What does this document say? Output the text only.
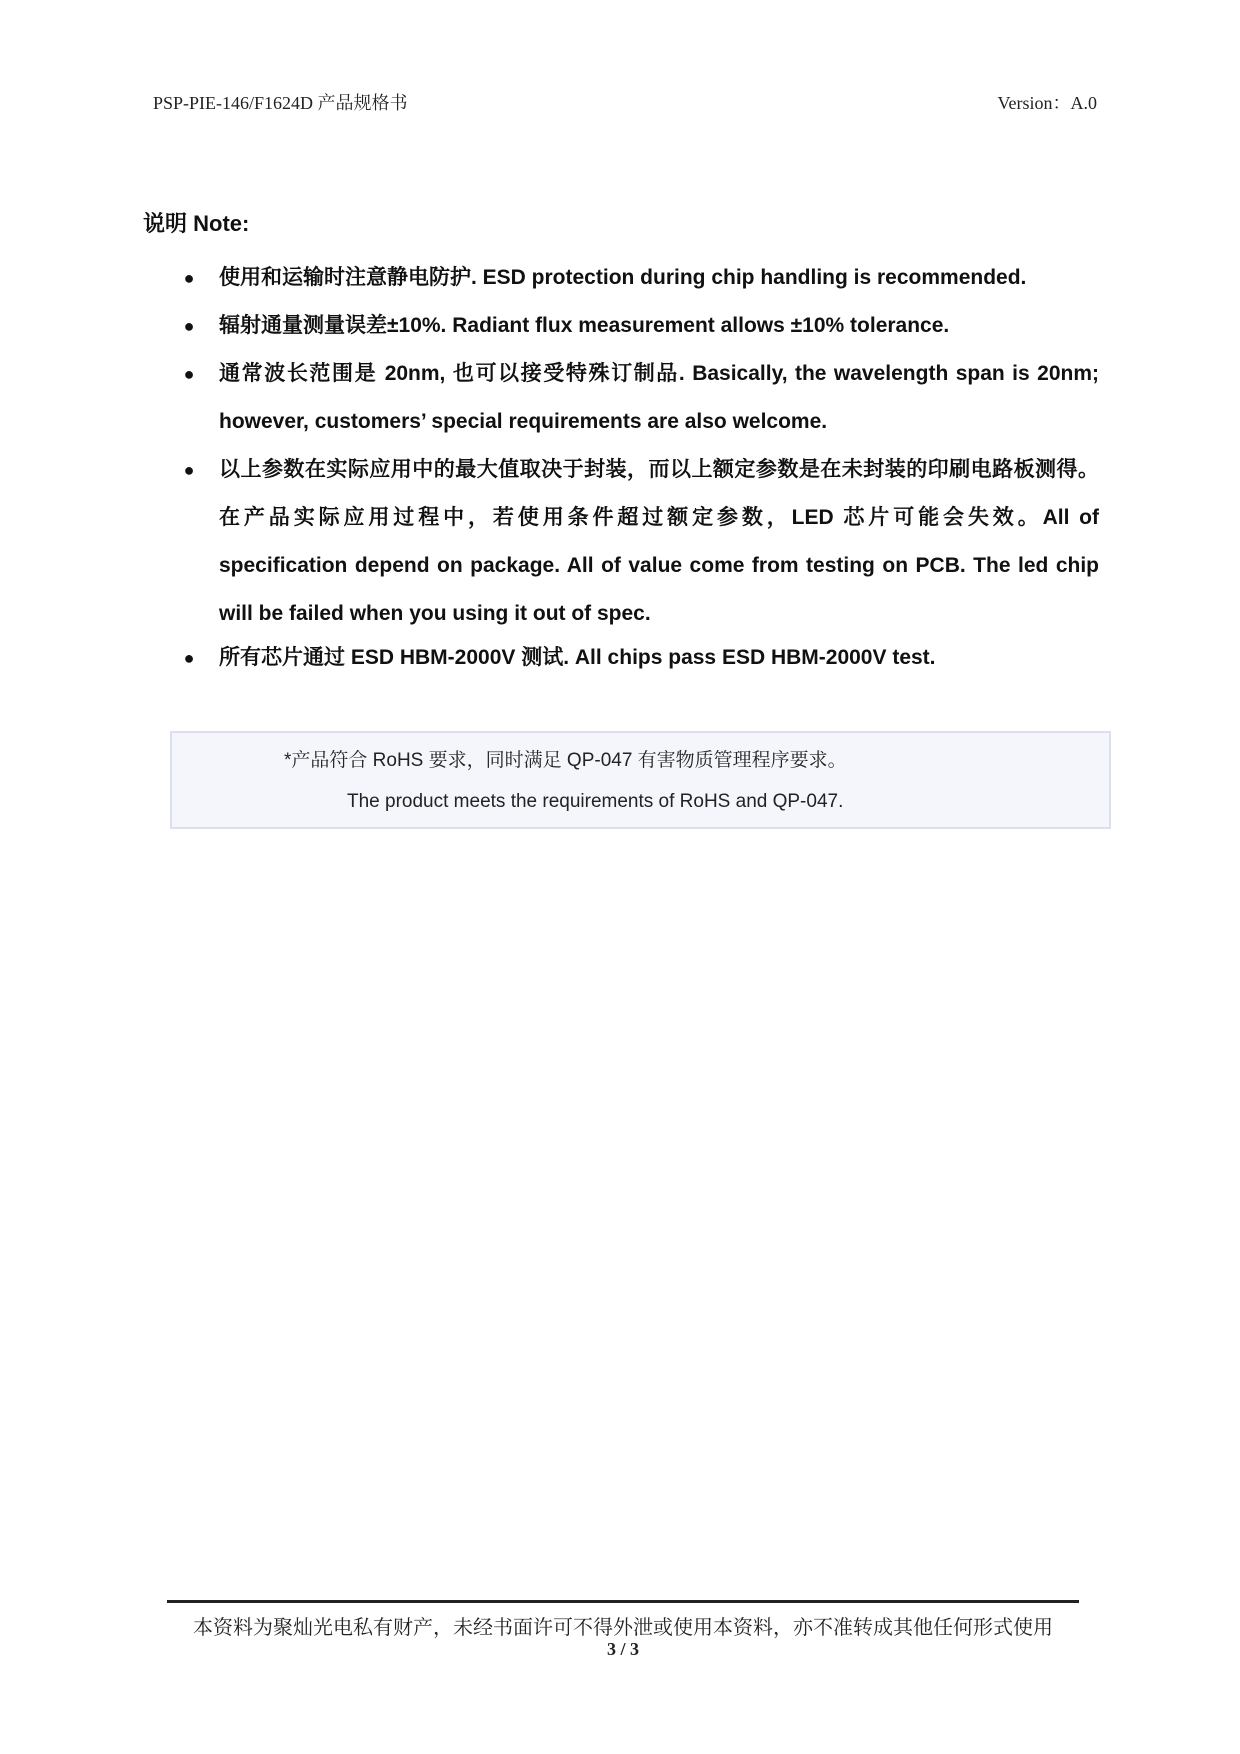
PSP-PIE-146/F1624D 产品规格书	Version：A.0
说明 Note:
● 使用和运输时注意静电防护. ESD protection during chip handling is recommended.
● 辐射通量测量误差±10%. Radiant flux measurement allows ±10% tolerance.
● 通常波长范围是 20nm, 也可以接受特殊订制品. Basically, the wavelength span is 20nm; however, customers’ special requirements are also welcome.
● 以上参数在实际应用中的最大值取决于封装，而以上额定参数是在未封装的印刷电路板测得。在产品实际应用过程中，若使用条件超过额定参数，LED 芯片可能会失效。All of specification depend on package. All of value come from testing on PCB. The led chip will be failed when you using it out of spec.
● 所有芯片通过 ESD HBM-2000V 测试. All chips pass ESD HBM-2000V test.
*产品符合 RoHS 要求，同时满足 QP-047 有害物质管理程序要求。
The product meets the requirements of RoHS and QP-047.
本资料为聚灿光电私有财产，未经书面许可不得外泄或使用本资料，亦不准转成其他任何形式使用
3 / 3
